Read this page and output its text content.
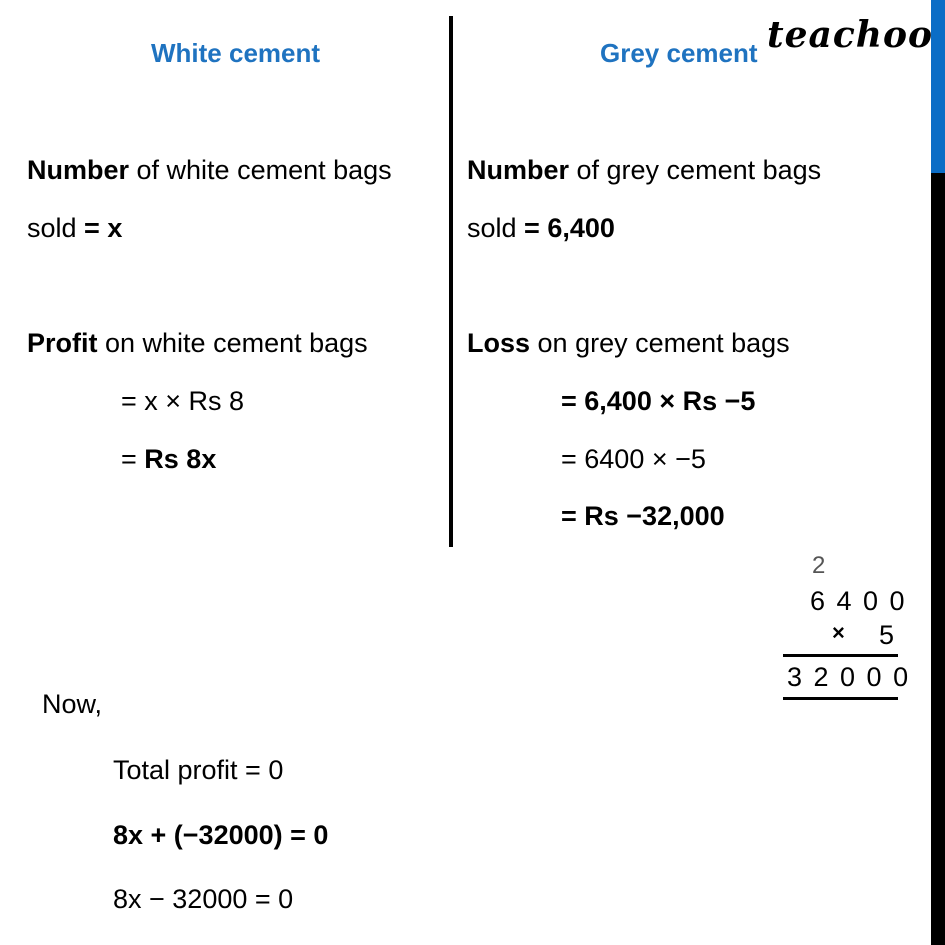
teachoo
White cement
Number of white cement bags
sold = x
Profit on white cement bags
= x × Rs 8
= Rs 8x
Grey cement
Number of grey cement bags
sold = 6,400
Loss on grey cement bags
= 6,400 × Rs −5
= 6400 × −5
= Rs −32,000
2
6 4 0 0
× 5
3 2 0 0 0
Now,
Total profit = 0
8x + (−32000) = 0
8x − 32000 = 0
